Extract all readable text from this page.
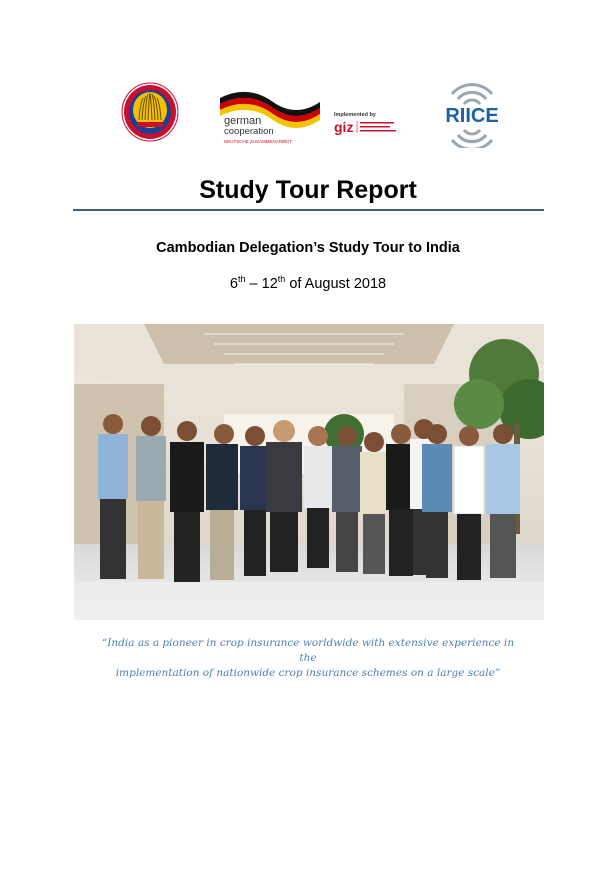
german
cooperation
DEUTSCHE ZUSAMMENARBEIT
Implemented by
giz	RIICE
Study Tour Report
Cambodian Delegation’s Study Tour to India
6th – 12th of August 2018
“India as a pioneer in crop insurance worldwide with extensive experience in the
implementation of nationwide crop insurance schemes on a large scale”
